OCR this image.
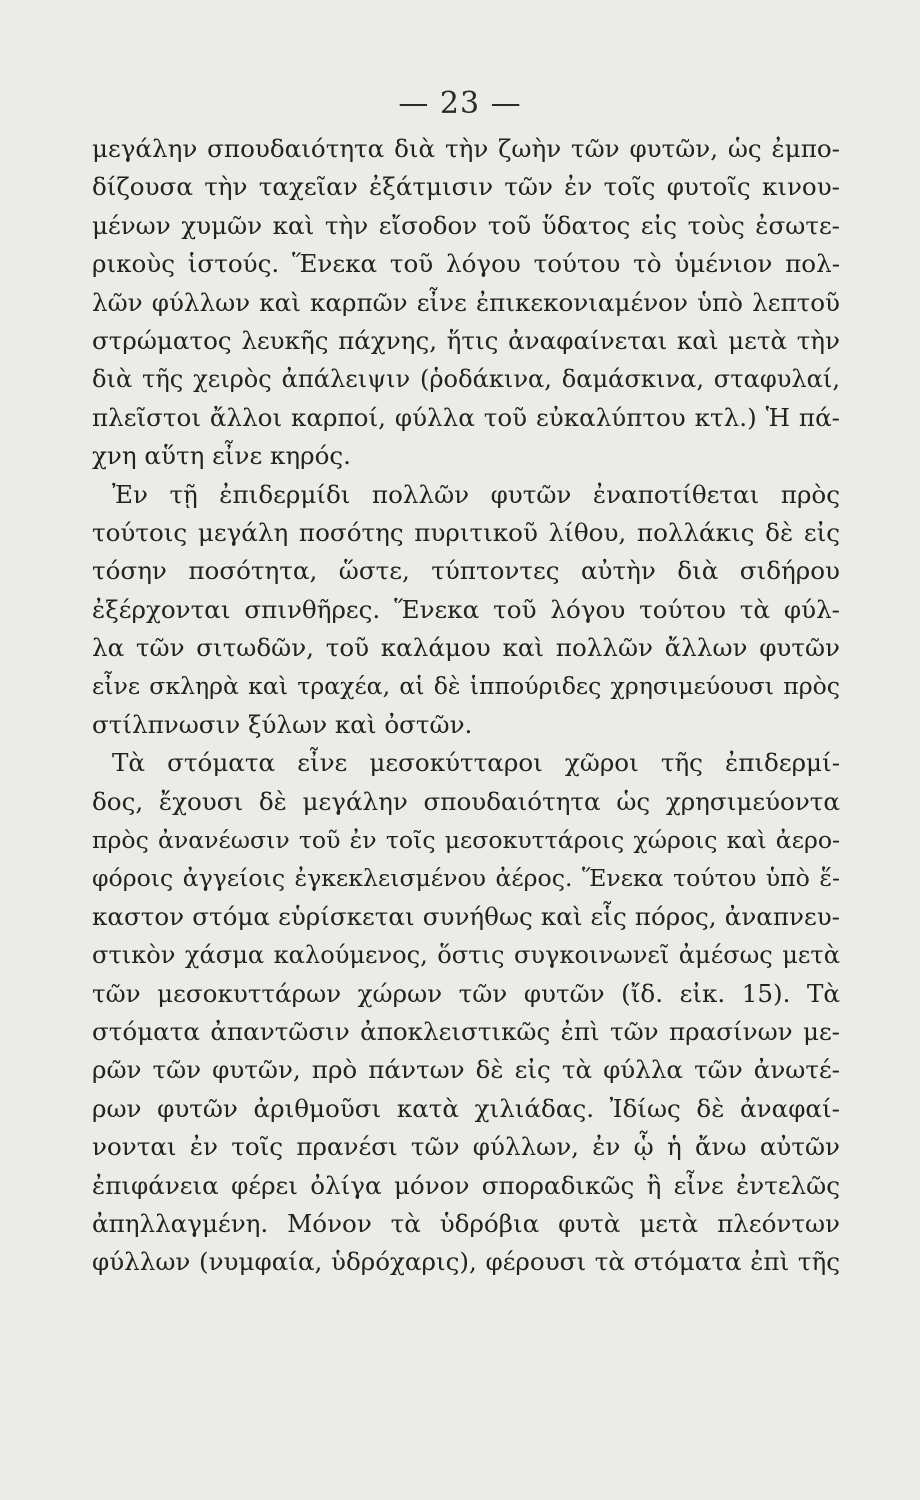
— 23 —
μεγάλην σπουδαιότητα διὰ τὴν ζωὴν τῶν φυτῶν, ὡς ἐμπο-
δίζουσα τὴν ταχεῖαν ἐξάτμισιν τῶν ἐν τοῖς φυτοῖς κινου-
μένων χυμῶν καὶ τὴν εἴσοδον τοῦ ὕδατος εἰς τοὺς ἐσωτε-
ρικοὺς ἱστούς. Ἕνεκα τοῦ λόγου τούτου τὸ ὑμένιον πολ-
λῶν φύλλων καὶ καρπῶν εἶνε ἐπικεκονιαμένον ὑπὸ λεπτοῦ
στρώματος λευκῆς πάχνης, ἥτις ἀναφαίνεται καὶ μετὰ τὴν
διὰ τῆς χειρὸς ἀπάλειψιν (ῥοδάκινα, δαμάσκινα, σταφυλαί,
πλεῖστοι ἄλλοι καρποί, φύλλα τοῦ εὐκαλύπτου κτλ.) Ἡ πά-
χνη αὕτη εἶνε κηρός.
Ἐν τῇ ἐπιδερμίδι πολλῶν φυτῶν ἐναποτίθεται πρὸς
τούτοις μεγάλη ποσότης πυριτικοῦ λίθου, πολλάκις δὲ εἰς
τόσην ποσότητα, ὥστε, τύπτοντες αὐτὴν διὰ σιδήρου
ἐξέρχονται σπινθῆρες. Ἕνεκα τοῦ λόγου τούτου τὰ φύλ-
λα τῶν σιτωδῶν, τοῦ καλάμου καὶ πολλῶν ἄλλων φυτῶν
εἶνε σκληρὰ καὶ τραχέα, αἱ δὲ ἱππούριδες χρησιμεύουσι πρὸς
στίλπνωσιν ξύλων καὶ ὀστῶν.
Τὰ στόματα εἶνε μεσοκύτταροι χῶροι τῆς ἐπιδερμί-
δος, ἔχουσι δὲ μεγάλην σπουδαιότητα ὡς χρησιμεύοντα
πρὸς ἀνανέωσιν τοῦ ἐν τοῖς μεσοκυττάροις χώροις καὶ ἀερο-
φόροις ἀγγείοις ἐγκεκλεισμένου ἀέρος. Ἕνεκα τούτου ὑπὸ ἕ-
καστον στόμα εὑρίσκεται συνήθως καὶ εἷς πόρος, ἀναπνευ-
στικὸν χάσμα καλούμενος, ὅστις συγκοινωνεῖ ἀμέσως μετὰ
τῶν μεσοκυττάρων χώρων τῶν φυτῶν (ἴδ. εἰκ. 15). Τὰ
στόματα ἀπαντῶσιν ἀποκλειστικῶς ἐπὶ τῶν πρασίνων με-
ρῶν τῶν φυτῶν, πρὸ πάντων δὲ εἰς τὰ φύλλα τῶν ἀνωτέ-
ρων φυτῶν ἀριθμοῦσι κατὰ χιλιάδας. Ἰδίως δὲ ἀναφαί-
νονται ἐν τοῖς πρανέσι τῶν φύλλων, ἐν ᾧ ἡ ἄνω αὐτῶν
ἐπιφάνεια φέρει ὀλίγα μόνον σποραδικῶς ἢ εἶνε ἐντελῶς
ἀπηλλαγμένη. Μόνον τὰ ὑδρόβια φυτὰ μετὰ πλεόντων
φύλλων (νυμφαία, ὑδρόχαρις), φέρουσι τὰ στόματα ἐπὶ τῆς
